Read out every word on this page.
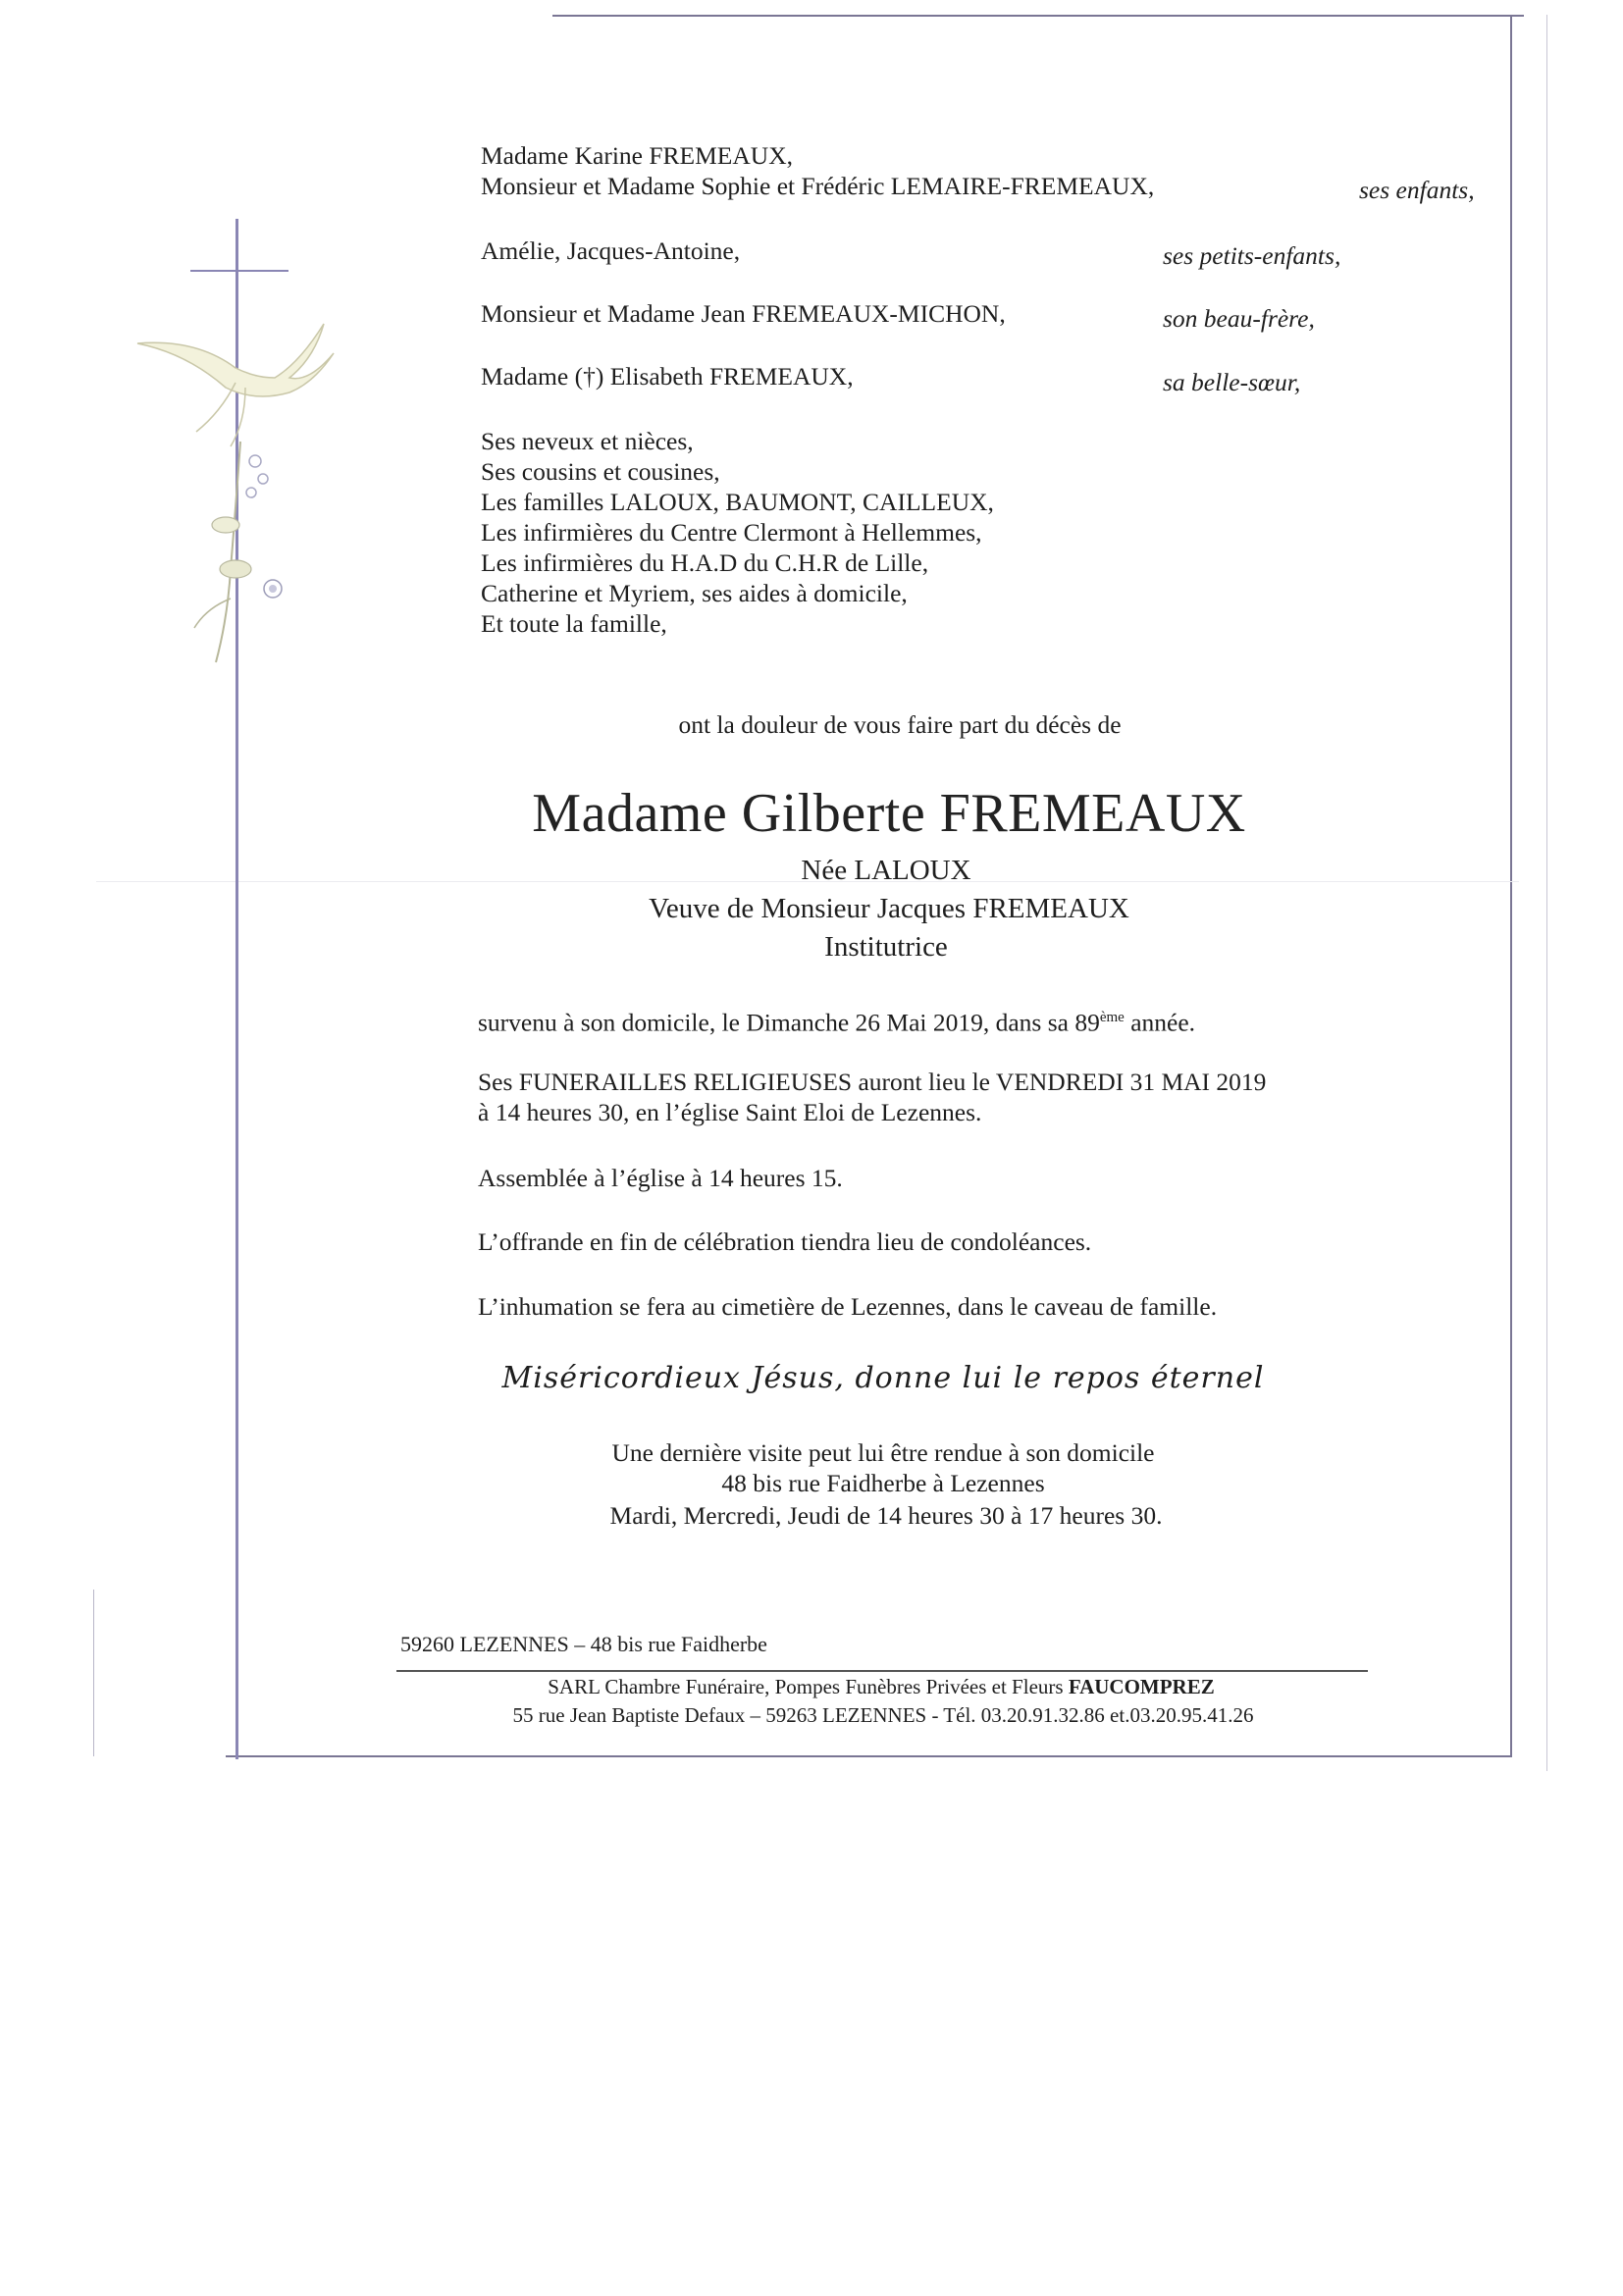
Madame Karine FREMEAUX,
Monsieur et Madame Sophie et Frédéric LEMAIRE-FREMEAUX,	ses enfants,
Amélie, Jacques-Antoine,	ses petits-enfants,
Monsieur et Madame Jean FREMEAUX-MICHON,	son beau-frère,
Madame (†) Elisabeth FREMEAUX,	sa belle-sœur,
Ses neveux et nièces,
Ses cousins et cousines,
Les familles LALOUX, BAUMONT, CAILLEUX,
Les infirmières du Centre Clermont à Hellemmes,
Les infirmières du H.A.D du C.H.R de Lille,
Catherine et Myriem, ses aides à domicile,
Et toute la famille,
ont la douleur de vous faire part du décès de
Madame Gilberte FREMEAUX
Née LALOUX
Veuve de Monsieur Jacques FREMEAUX
Institutrice
survenu à son domicile, le Dimanche 26 Mai 2019, dans sa 89ème année.
Ses FUNERAILLES RELIGIEUSES auront lieu le VENDREDI 31 MAI 2019
à 14 heures 30, en l’église Saint Eloi de Lezennes.
Assemblée à l’église à 14 heures 15.
L’offrande en fin de célébration tiendra lieu de condoléances.
L’inhumation se fera au cimetière de Lezennes, dans le caveau de famille.
Miséricordieux Jésus, donne lui le repos éternel
Une dernière visite peut lui être rendue à son domicile
48 bis rue Faidherbe à Lezennes
Mardi, Mercredi, Jeudi de 14 heures 30 à 17 heures 30.
59260 LEZENNES – 48 bis rue Faidherbe
SARL Chambre Funéraire, Pompes Funèbres Privées et Fleurs FAUCOMPREZ
55 rue Jean Baptiste Defaux – 59263 LEZENNES - Tél. 03.20.91.32.86 et.03.20.95.41.26
